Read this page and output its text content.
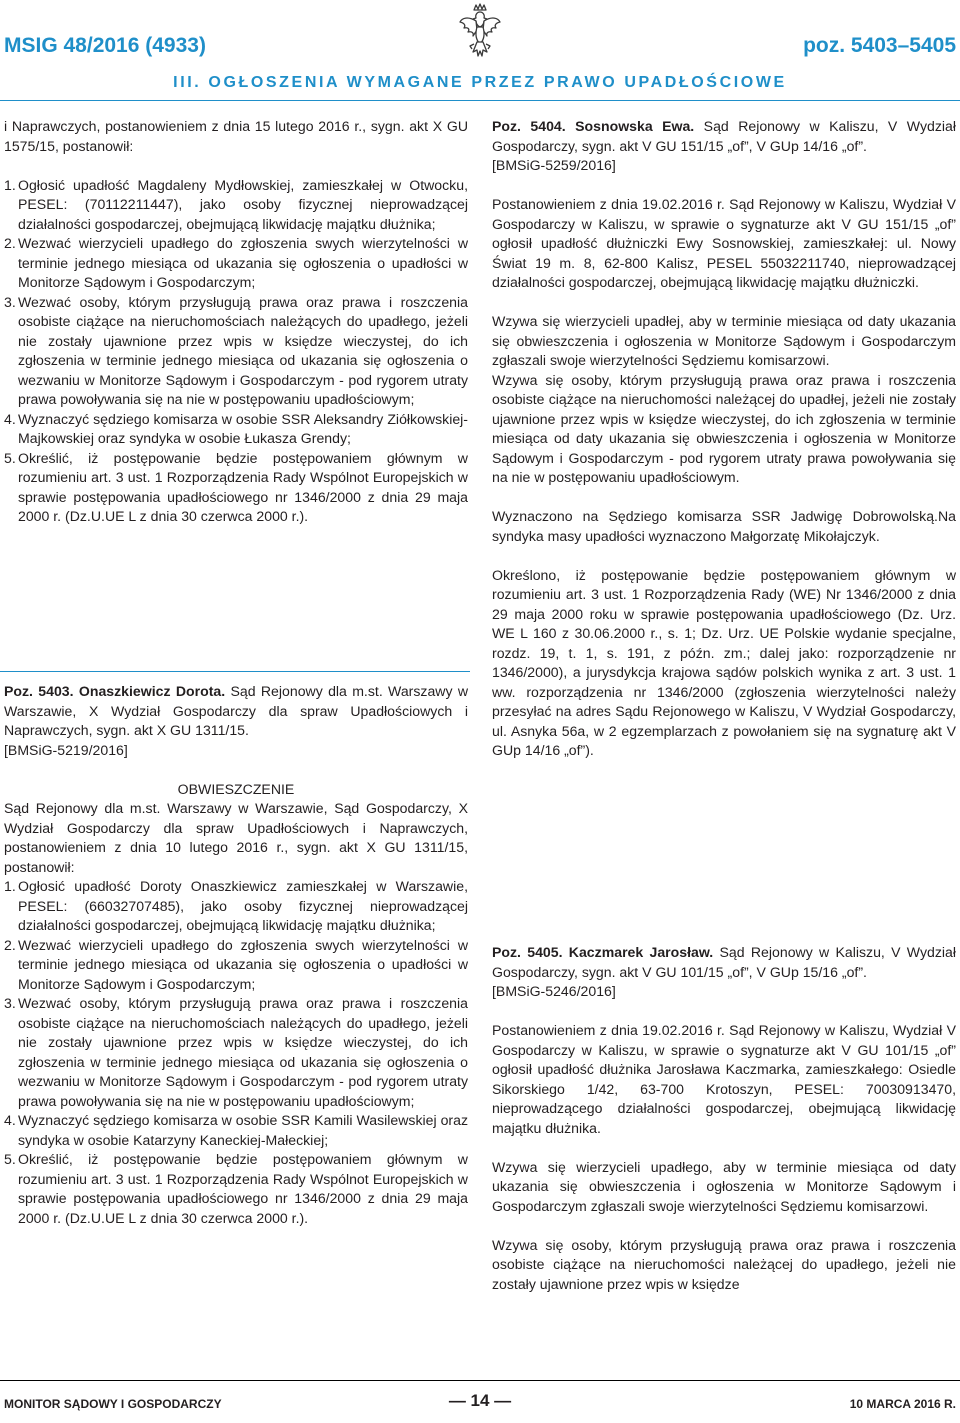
MSIG 48/2016 (4933)	poz. 5403–5405
III. OGŁOSZENIA WYMAGANE PRZEZ PRAWO UPADŁOŚCIOWE

i Naprawczych, postanowieniem z dnia 15 lutego 2016 r., sygn. akt X GU 1575/15, postanowił:

1. Ogłosić upadłość Magdaleny Mydłowskiej, zamieszkałej w Otwocku, PESEL: (70112211447), jako osoby fizycznej nieprowadzącej działalności gospodarczej, obejmującą likwidację majątku dłużnika;
2. Wezwać wierzycieli upadłego do zgłoszenia swych wierzytelności w terminie jednego miesiąca od ukazania się ogłoszenia o upadłości w Monitorze Sądowym i Gospodarczym;
3. Wezwać osoby, którym przysługują prawa oraz prawa i roszczenia osobiste ciążące na nieruchomościach należących do upadłego, jeżeli nie zostały ujawnione przez wpis w księdze wieczystej, do ich zgłoszenia w terminie jednego miesiąca od ukazania się ogłoszenia o wezwaniu w Monitorze Sądowym i Gospodarczym - pod rygorem utraty prawa powoływania się na nie w postępowaniu upadłościowym;
4. Wyznaczyć sędziego komisarza w osobie SSR Aleksandry Ziółkowskiej-Majkowskiej oraz syndyka w osobie Łukasza Grendy;
5. Określić, iż postępowanie będzie postępowaniem głównym w rozumieniu art. 3 ust. 1 Rozporządzenia Rady Wspólnot Europejskich w sprawie postępowania upadłościowego nr 1346/2000 z dnia 29 maja 2000 r. (Dz.U.UE L z dnia 30 czerwca 2000 r.).

Poz. 5403. Onaszkiewicz Dorota. Sąd Rejonowy dla m.st. Warszawy w Warszawie, X Wydział Gospodarczy dla spraw Upadłościowych i Naprawczych, sygn. akt X GU 1311/15.

[BMSiG-5219/2016]

OBWIESZCZENIE

Sąd Rejonowy dla m.st. Warszawy w Warszawie, Sąd Gospodarczy, X Wydział Gospodarczy dla spraw Upadłościowych i Naprawczych, postanowieniem z dnia 10 lutego 2016 r., sygn. akt X GU 1311/15, postanowił:

1. Ogłosić upadłość Doroty Onaszkiewicz zamieszkałej w Warszawie, PESEL: (66032707485), jako osoby fizycznej nieprowadzącej działalności gospodarczej, obejmującą likwidację majątku dłużnika;
2. Wezwać wierzycieli upadłego do zgłoszenia swych wierzytelności w terminie jednego miesiąca od ukazania się ogłoszenia o upadłości w Monitorze Sądowym i Gospodarczym;
3. Wezwać osoby, którym przysługują prawa oraz prawa i roszczenia osobiste ciążące na nieruchomościach należących do upadłego, jeżeli nie zostały ujawnione przez wpis w księdze wieczystej, do ich zgłoszenia w terminie jednego miesiąca od ukazania się ogłoszenia o wezwaniu w Monitorze Sądowym i Gospodarczym - pod rygorem utraty prawa powoływania się na nie w postępowaniu upadłościowym;
4. Wyznaczyć sędziego komisarza w osobie SSR Kamili Wasilewskiej oraz syndyka w osobie Katarzyny Kaneckiej-Małeckiej;
5. Określić, iż postępowanie będzie postępowaniem głównym w rozumieniu art. 3 ust. 1 Rozporządzenia Rady Wspólnot Europejskich w sprawie postępowania upadłościowego nr 1346/2000 z dnia 29 maja 2000 r. (Dz.U.UE L z dnia 30 czerwca 2000 r.).

Poz. 5404. Sosnowska Ewa. Sąd Rejonowy w Kaliszu, V Wydział Gospodarczy, sygn. akt V GU 151/15 „of”, V GUp 14/16 „of”.

[BMSiG-5259/2016]

Postanowieniem z dnia 19.02.2016 r. Sąd Rejonowy w Kaliszu, Wydział V Gospodarczy w Kaliszu, w sprawie o sygnaturze akt V GU 151/15 „of” ogłosił upadłość dłużniczki Ewy Sosnowskiej, zamieszkałej: ul. Nowy Świat 19 m. 8, 62-800 Kalisz, PESEL 55032211740, nieprowadzącej działalności gospodarczej, obejmującą likwidację majątku dłużniczki.

Wzywa się wierzycieli upadłej, aby w terminie miesiąca od daty ukazania się obwieszczenia i ogłoszenia w Monitorze Sądowym i Gospodarczym zgłaszali swoje wierzytelności Sędziemu komisarzowi.

Wzywa się osoby, którym przysługują prawa oraz prawa i roszczenia osobiste ciążące na nieruchomości należącej do upadłej, jeżeli nie zostały ujawnione przez wpis w księdze wieczystej, do ich zgłoszenia w terminie miesiąca od daty ukazania się obwieszczenia i ogłoszenia w Monitorze Sądowym i Gospodarczym - pod rygorem utraty prawa powoływania się na nie w postępowaniu upadłościowym.

Wyznaczono na Sędziego komisarza SSR Jadwigę Dobrowolską.Na syndyka masy upadłości wyznaczono Małgorzatę Mikołajczyk.

Określono, iż postępowanie będzie postępowaniem głównym w rozumieniu art. 3 ust. 1 Rozporządzenia Rady (WE) Nr 1346/2000 z dnia 29 maja 2000 roku w sprawie postępowania upadłościowego (Dz. Urz. WE L 160 z 30.06.2000 r., s. 1; Dz. Urz. UE Polskie wydanie specjalne, rozdz. 19, t. 1, s. 191, z późn. zm.; dalej jako: rozporządzenie nr 1346/2000), a jurysdykcja krajowa sądów polskich wynika z art. 3 ust. 1 ww. rozporządzenia nr 1346/2000 (zgłoszenia wierzytelności należy przesyłać na adres Sądu Rejonowego w Kaliszu, V Wydział Gospodarczy, ul. Asnyka 56a, w 2 egzemplarzach z powołaniem się na sygnaturę akt V GUp 14/16 „of”).

Poz. 5405. Kaczmarek Jarosław. Sąd Rejonowy w Kaliszu, V Wydział Gospodarczy, sygn. akt V GU 101/15 „of”, V GUp 15/16 „of”.

[BMSiG-5246/2016]

Postanowieniem z dnia 19.02.2016 r. Sąd Rejonowy w Kaliszu, Wydział V Gospodarczy w Kaliszu, w sprawie o sygnaturze akt V GU 101/15 „of” ogłosił upadłość dłużnika Jarosława Kaczmarka, zamieszkałego: Osiedle Sikorskiego 1/42, 63-700 Krotoszyn, PESEL: 70030913470, nieprowadzącego działalności gospodarczej, obejmującą likwidację majątku dłużnika.

Wzywa się wierzycieli upadłego, aby w terminie miesiąca od daty ukazania się obwieszczenia i ogłoszenia w Monitorze Sądowym i Gospodarczym zgłaszali swoje wierzytelności Sędziemu komisarzowi.

Wzywa się osoby, którym przysługują prawa oraz prawa i roszczenia osobiste ciążące na nieruchomości należącej do upadłego, jeżeli nie zostały ujawnione przez wpis w księdze

MONITOR SĄDOWY I GOSPODARCZY	— 14 —	10 MARCA 2016 R.
